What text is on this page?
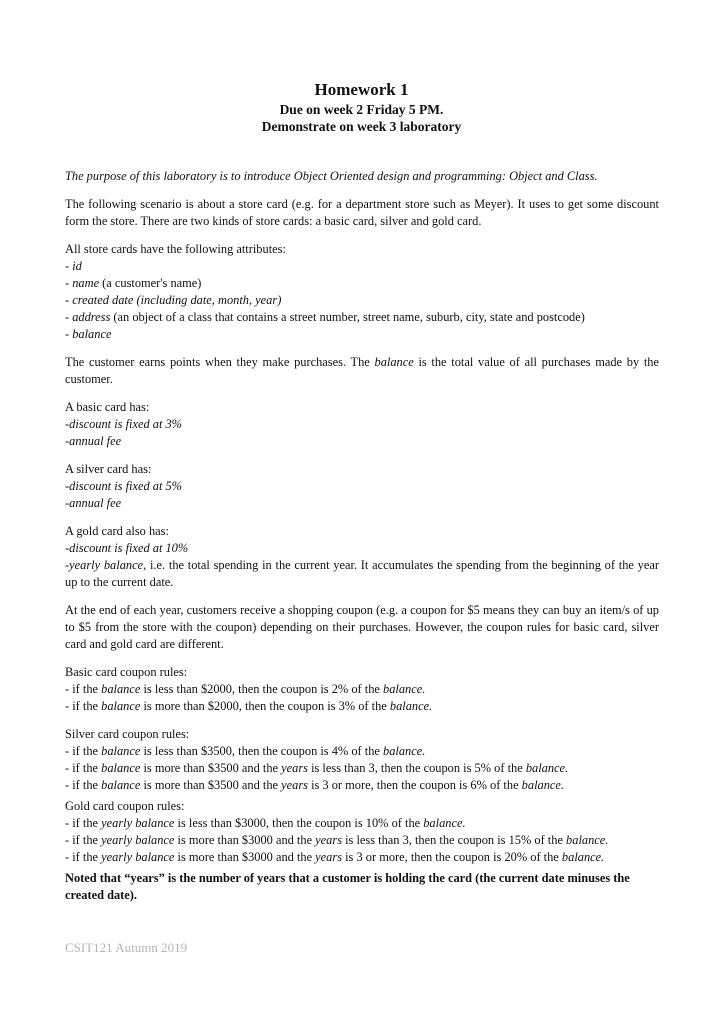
Homework 1
Due on week 2 Friday 5 PM.
Demonstrate on week 3 laboratory

The purpose of this laboratory is to introduce Object Oriented design and programming: Object and Class.

The following scenario is about a store card (e.g. for a department store such as Meyer). It uses to get some discount form the store. There are two kinds of store cards: a basic card, silver and gold card.

All store cards have the following attributes:
- id
- name (a customer's name)
- created date (including date, month, year)
- address (an object of a class that contains a street number, street name, suburb, city, state and postcode)
- balance

The customer earns points when they make purchases. The balance is the total value of all purchases made by the customer.

A basic card has:
-discount is fixed at 3%
-annual fee

A silver card has:
-discount is fixed at 5%
-annual fee

A gold card also has:
-discount is fixed at 10%
-yearly balance, i.e. the total spending in the current year. It accumulates the spending from the beginning of the year up to the current date.

At the end of each year, customers receive a shopping coupon (e.g. a coupon for $5 means they can buy an item/s of up to $5 from the store with the coupon) depending on their purchases. However, the coupon rules for basic card, silver card and gold card are different.

Basic card coupon rules:
- if the balance is less than $2000, then the coupon is 2% of the balance.
- if the balance is more than $2000, then the coupon is 3% of the balance.

Silver card coupon rules:
- if the balance is less than $3500, then the coupon is 4% of the balance.
- if the balance is more than $3500 and the years is less than 3, then the coupon is 5% of the balance.
- if the balance is more than $3500 and the years is 3 or more, then the coupon is 6% of the balance.

Gold card coupon rules:
- if the yearly balance is less than $3000, then the coupon is 10% of the balance.
- if the yearly balance is more than $3000 and the years is less than 3, then the coupon is 15% of the balance.
- if the yearly balance is more than $3000 and the years is 3 or more, then the coupon is 20% of the balance.

Noted that “years” is the number of years that a customer is holding the card (the current date minuses the created date).

CSIT121 Autumn 2019
